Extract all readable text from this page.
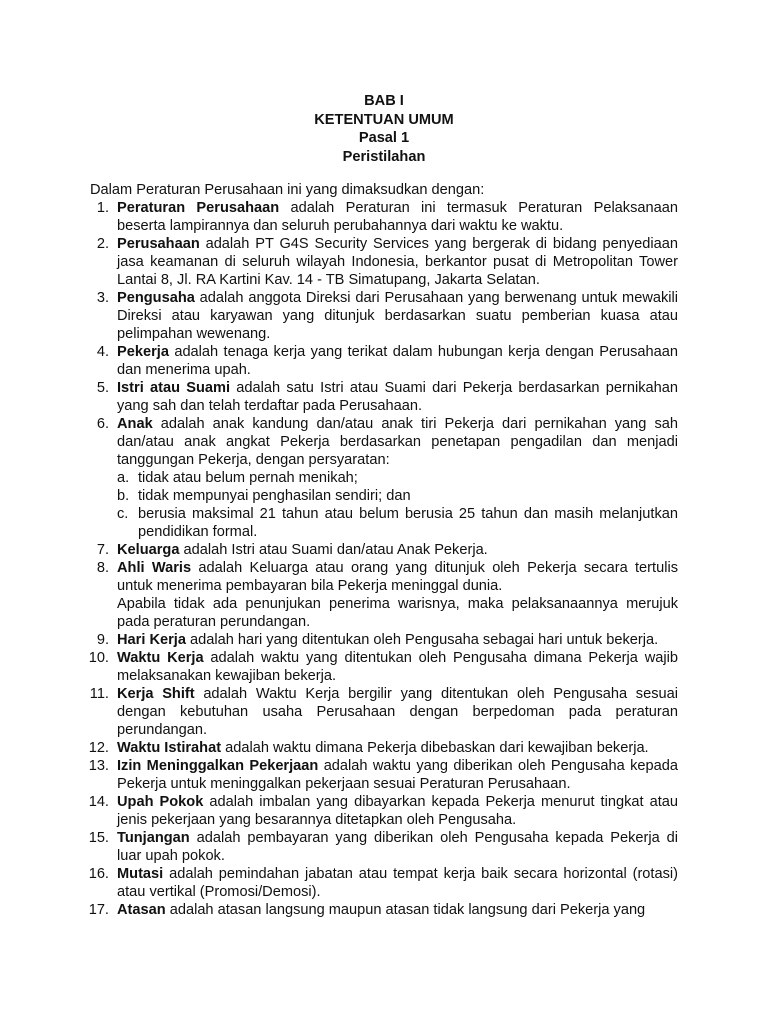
BAB I
KETENTUAN UMUM
Pasal 1
Peristilahan
Dalam Peraturan Perusahaan ini yang dimaksudkan dengan:
1. Peraturan Perusahaan adalah Peraturan ini termasuk Peraturan Pelaksanaan beserta lampirannya dan seluruh perubahannya dari waktu ke waktu.
2. Perusahaan adalah PT G4S Security Services yang bergerak di bidang penyediaan jasa keamanan di seluruh wilayah Indonesia, berkantor pusat di Metropolitan Tower Lantai 8, Jl. RA Kartini Kav. 14 - TB Simatupang, Jakarta Selatan.
3. Pengusaha adalah anggota Direksi dari Perusahaan yang berwenang untuk mewakili Direksi atau karyawan yang ditunjuk berdasarkan suatu pemberian kuasa atau pelimpahan wewenang.
4. Pekerja adalah tenaga kerja yang terikat dalam hubungan kerja dengan Perusahaan dan menerima upah.
5. Istri atau Suami adalah satu Istri atau Suami dari Pekerja berdasarkan pernikahan yang sah dan telah terdaftar pada Perusahaan.
6. Anak adalah anak kandung dan/atau anak tiri Pekerja dari pernikahan yang sah dan/atau anak angkat Pekerja berdasarkan penetapan pengadilan dan menjadi tanggungan Pekerja, dengan persyaratan:
a. tidak atau belum pernah menikah;
b. tidak mempunyai penghasilan sendiri; dan
c. berusia maksimal 21 tahun atau belum berusia 25 tahun dan masih melanjutkan pendidikan formal.
7. Keluarga adalah Istri atau Suami dan/atau Anak Pekerja.
8. Ahli Waris adalah Keluarga atau orang yang ditunjuk oleh Pekerja secara tertulis untuk menerima pembayaran bila Pekerja meninggal dunia.
Apabila tidak ada penunjukan penerima warisnya, maka pelaksanaannya merujuk pada peraturan perundangan.
9. Hari Kerja adalah hari yang ditentukan oleh Pengusaha sebagai hari untuk bekerja.
10. Waktu Kerja adalah waktu yang ditentukan oleh Pengusaha dimana Pekerja wajib melaksanakan kewajiban bekerja.
11. Kerja Shift adalah Waktu Kerja bergilir yang ditentukan oleh Pengusaha sesuai dengan kebutuhan usaha Perusahaan dengan berpedoman pada peraturan perundangan.
12. Waktu Istirahat adalah waktu dimana Pekerja dibebaskan dari kewajiban bekerja.
13. Izin Meninggalkan Pekerjaan adalah waktu yang diberikan oleh Pengusaha kepada Pekerja untuk meninggalkan pekerjaan sesuai Peraturan Perusahaan.
14. Upah Pokok adalah imbalan yang dibayarkan kepada Pekerja menurut tingkat atau jenis pekerjaan yang besarannya ditetapkan oleh Pengusaha.
15. Tunjangan adalah pembayaran yang diberikan oleh Pengusaha kepada Pekerja di luar upah pokok.
16. Mutasi adalah pemindahan jabatan atau tempat kerja baik secara horizontal (rotasi) atau vertikal (Promosi/Demosi).
17. Atasan adalah atasan langsung maupun atasan tidak langsung dari Pekerja yang
